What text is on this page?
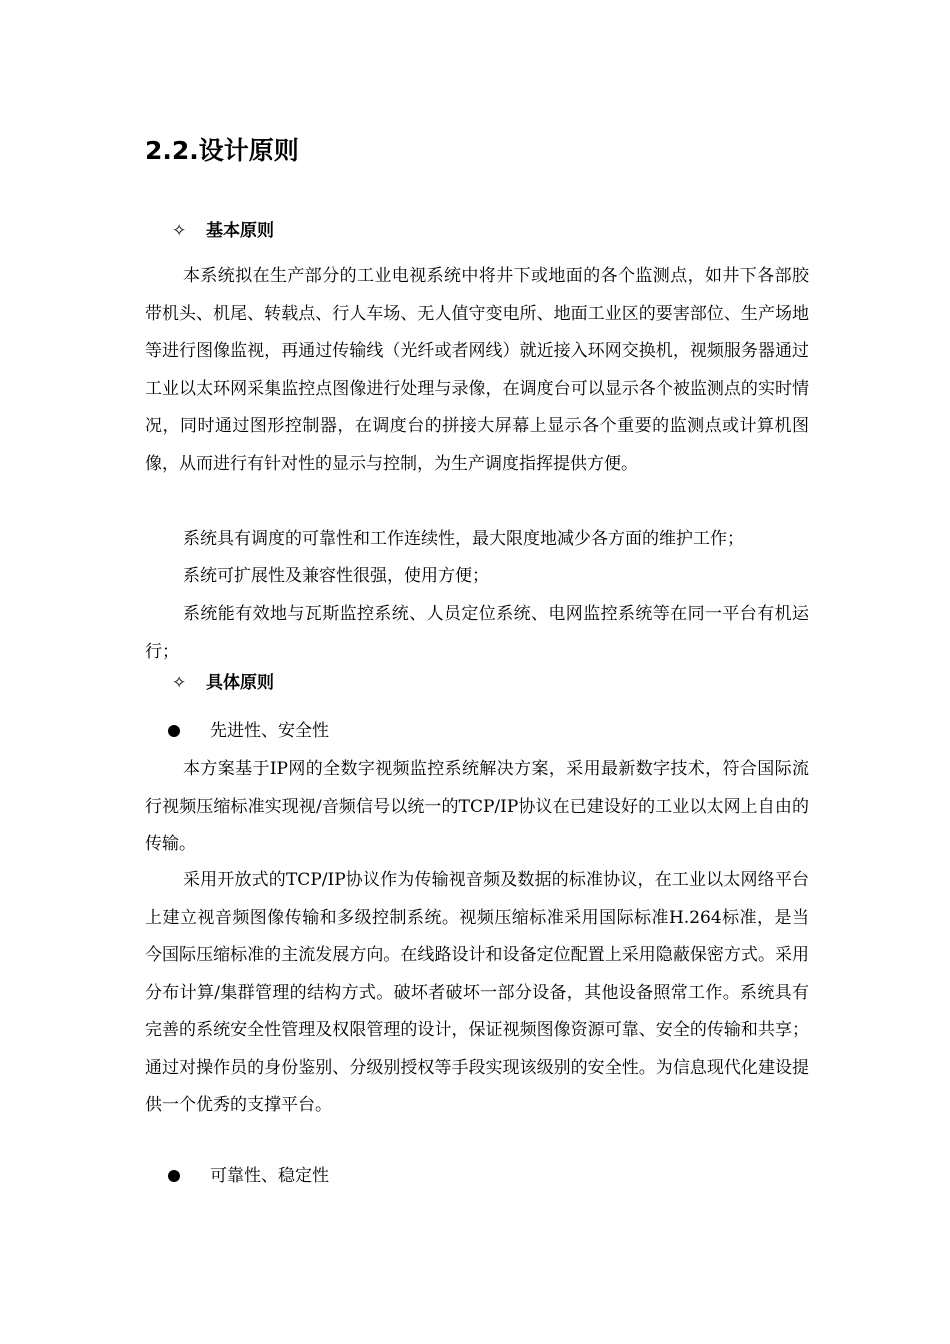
2.2.设计原则
✧ 基本原则

本系统拟在生产部分的工业电视系统中将井下或地面的各个监测点，如井下各部胶带机头、机尾、转载点、行人车场、无人值守变电所、地面工业区的要害部位、生产场地等进行图像监视，再通过传输线（光纤或者网线）就近接入环网交换机，视频服务器通过工业以太环网采集监控点图像进行处理与录像，在调度台可以显示各个被监测点的实时情况，同时通过图形控制器，在调度台的拼接大屏幕上显示各个重要的监测点或计算机图像，从而进行有针对性的显示与控制，为生产调度指挥提供方便。

系统具有调度的可靠性和工作连续性，最大限度地减少各方面的维护工作；

系统可扩展性及兼容性很强，使用方便；

系统能有效地与瓦斯监控系统、人员定位系统、电网监控系统等在同一平台有机运行；

✧ 具体原则
先进性、安全性

本方案基于IP网的全数字视频监控系统解决方案，采用最新数字技术，符合国际流行视频压缩标准实现视/音频信号以统一的TCP/IP协议在已建设好的工业以太网上自由的传输。

采用开放式的TCP/IP协议作为传输视音频及数据的标准协议，在工业以太网络平台上建立视音频图像传输和多级控制系统。视频压缩标准采用国际标准H.264标准，是当今国际压缩标准的主流发展方向。在线路设计和设备定位配置上采用隐蔽保密方式。采用分布计算/集群管理的结构方式。破坏者破坏一部分设备，其他设备照常工作。系统具有完善的系统安全性管理及权限管理的设计，保证视频图像资源可靠、安全的传输和共享；通过对操作员的身份鉴别、分级别授权等手段实现该级别的安全性。为信息现代化建设提供一个优秀的支撑平台。

可靠性、稳定性
